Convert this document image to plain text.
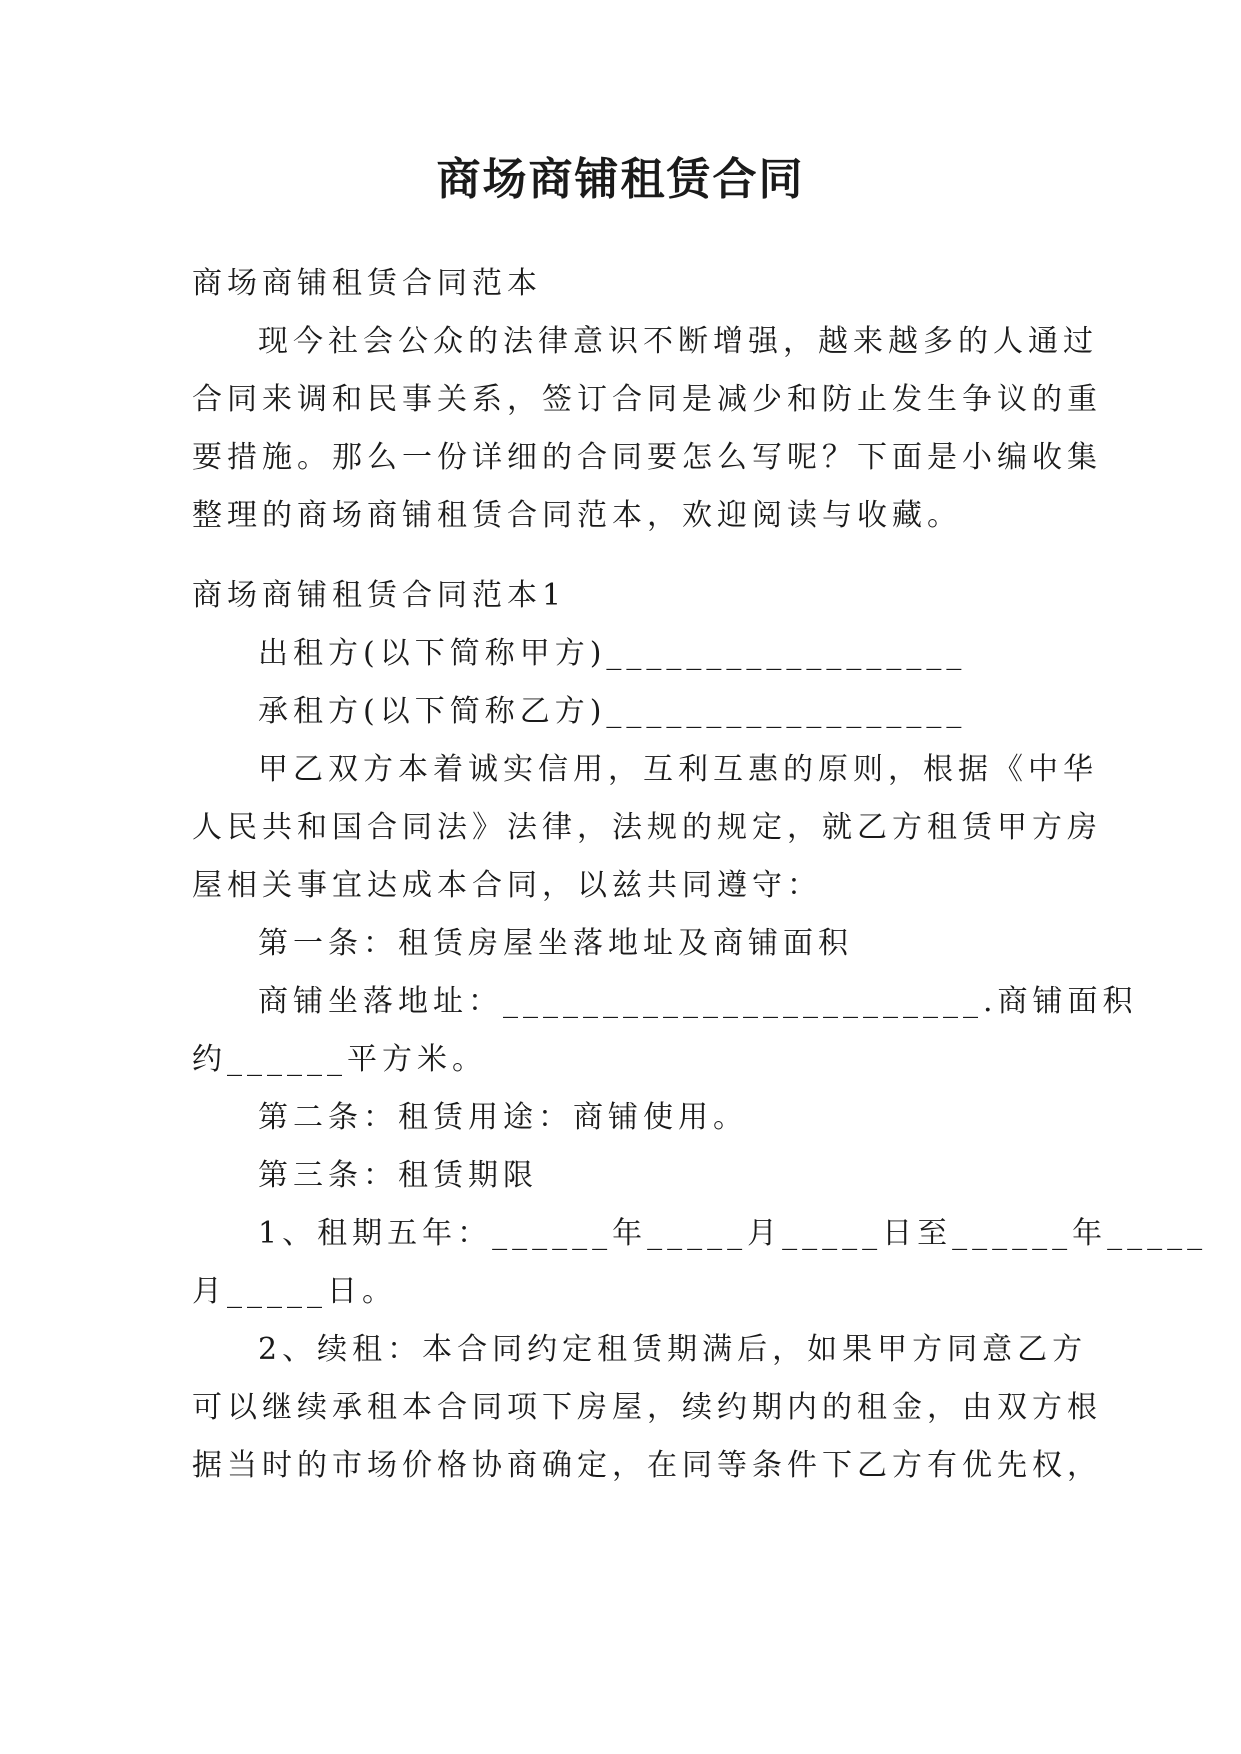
商场商铺租赁合同
商场商铺租赁合同范本
现今社会公众的法律意识不断增强，越来越多的人通过
合同来调和民事关系，签订合同是减少和防止发生争议的重
要措施。那么一份详细的合同要怎么写呢？下面是小编收集
整理的商场商铺租赁合同范本，欢迎阅读与收藏。
商场商铺租赁合同范本1
出租方(以下简称甲方)__________________
承租方(以下简称乙方)__________________
甲乙双方本着诚实信用，互利互惠的原则，根据《中华
人民共和国合同法》法律，法规的规定，就乙方租赁甲方房
屋相关事宜达成本合同，以兹共同遵守：
第一条：租赁房屋坐落地址及商铺面积
商铺坐落地址：________________________.商铺面积
约______平方米。
第二条：租赁用途：商铺使用。
第三条：租赁期限
1、租期五年：______年_____月_____日至______年_____
月_____日。
2、续租：本合同约定租赁期满后，如果甲方同意乙方
可以继续承租本合同项下房屋，续约期内的租金，由双方根
据当时的市场价格协商确定，在同等条件下乙方有优先权，
